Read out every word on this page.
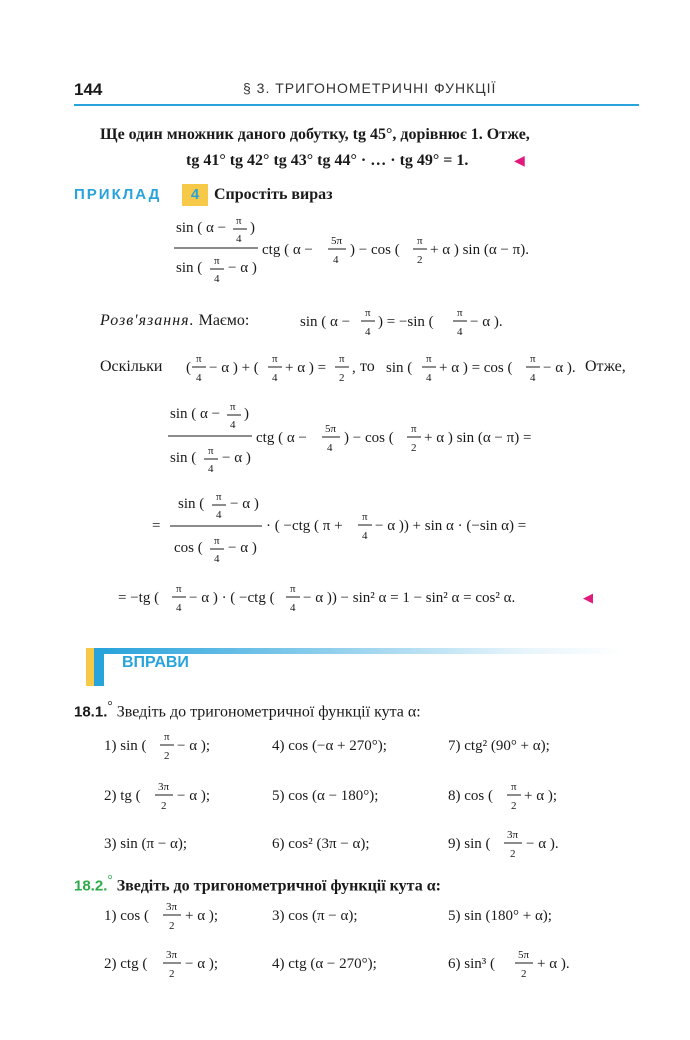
144	§ 3. ТРИГОНОМЕТРИЧНІ ФУНКЦІЇ
Ще один множник даного добутку, tg 45°, дорівнює 1. Отже,
tg 41° tg 42° tg 43° tg 44° · … · tg 49° = 1.	◀
ПРИКЛАД	4 Спростіть вираз
Розв'язання. Маємо:
Оскільки	то	Отже,
sin ( α − π
4
)
sin ( π
4
− α )
ctg ( α −
5π
4
) − cos (
π
2
+ α ) sin (α − π).
sin ( α −
π
4
) = −sin (
π
4
− α ).
(
π
4
− α ) + (
π
4
+ α ) =
π
2
, sin (
π
4
+ α ) = cos (
π
4
− α ).
sin ( α − π
4
)
sin ( π
4
− α )
ctg ( α −
5π
4
) − cos (
π
2
+ α ) sin (α − π) =
=
sin ( π
4
− α )
cos ( π
4
− α )
· ( −ctg ( π +
π
4
− α )) + sin α · (−sin α) =
= −tg (
π
4
− α ) · ( −ctg (
π
4
− α )) − sin² α = 1 − sin² α = cos² α.	◀
1) sin (
π
2
− α );	4) cos (−α + 270°);	7) ctg² (90° + α);
2) tg (
3π
2
− α );	5) cos (α − 180°);	8) cos (
π
2
+ α );
3) sin (π − α);	6) cos² (3π − α);	9) sin (
3π
2
− α ).
1) cos (
3π
2
+ α );	3) cos (π − α);	5) sin (180° + α);
2) ctg (
3π
2
− α );	4) ctg (α − 270°);	6) sin³ (
5π
2
+ α ).
ВПРАВИ
18.1.° Зведіть до тригонометричної функції кута α:
18.2.° Зведіть до тригонометричної функції кута α:
